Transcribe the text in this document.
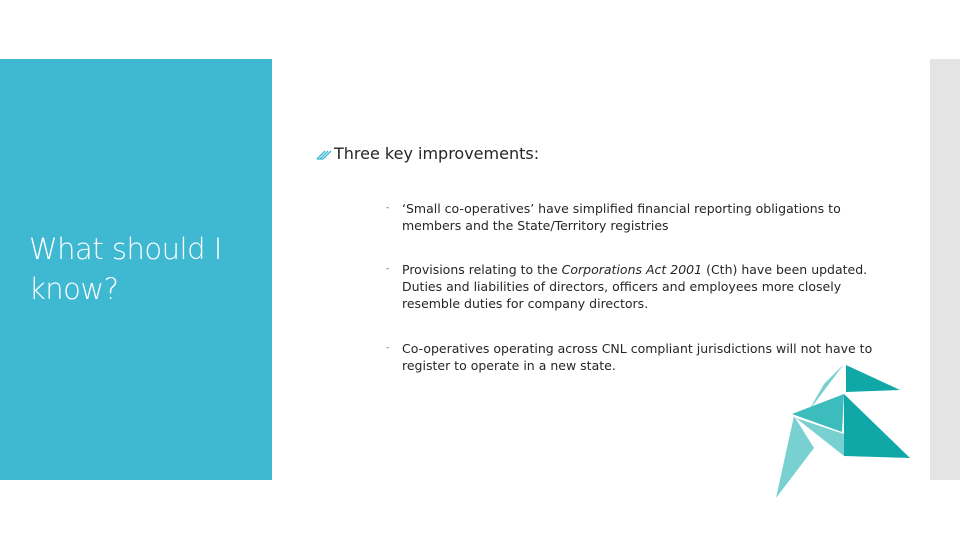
What should I know?
Three key improvements:
- ‘Small co-operatives’ have simplified financial reporting obligations to members and the State/Territory registries
- Provisions relating to the Corporations Act 2001 (Cth) have been updated. Duties and liabilities of directors, officers and employees more closely resemble duties for company directors.
- Co-operatives operating across CNL compliant jurisdictions will not have to register to operate in a new state.
